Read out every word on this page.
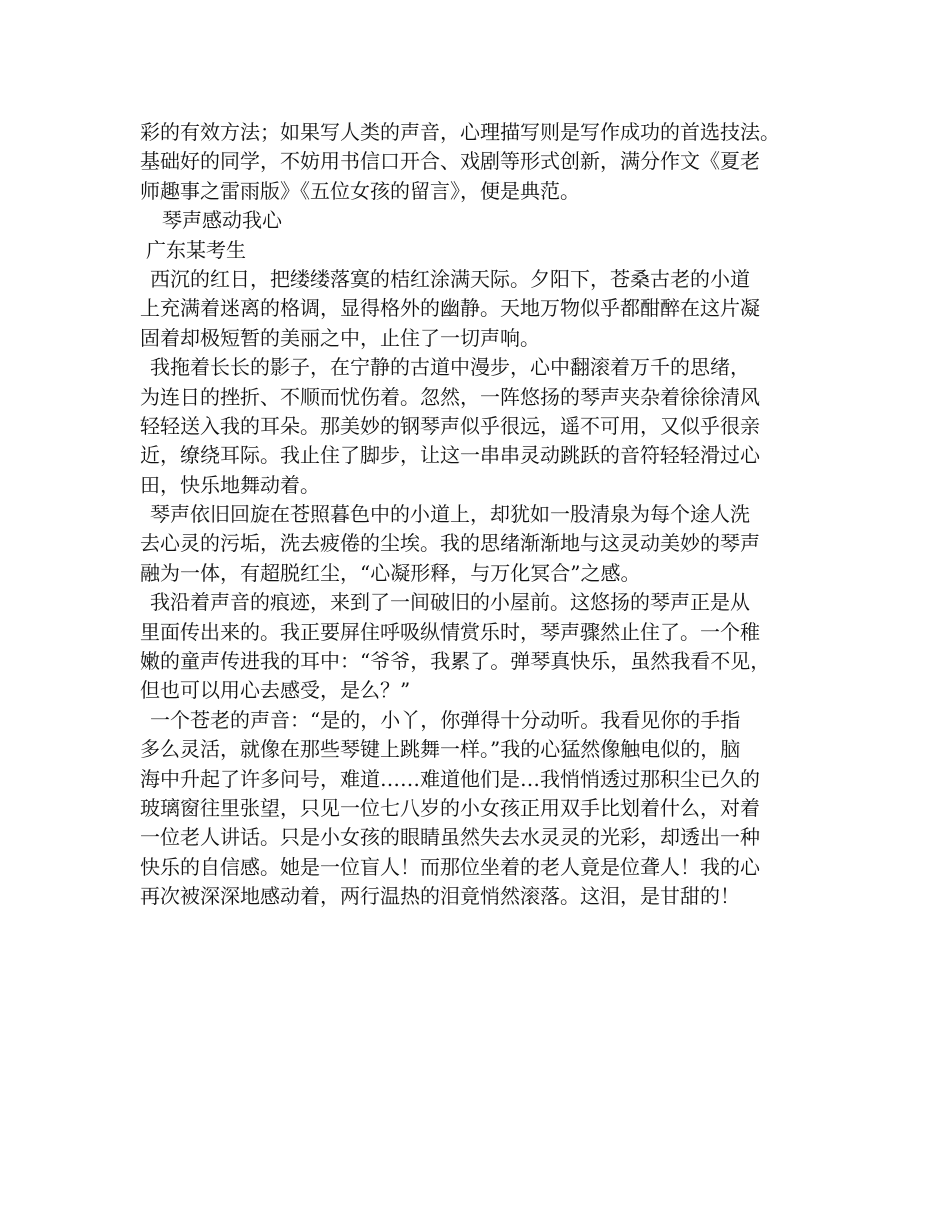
彩的有效方法；如果写人类的声音，心理描写则是写作成功的首选技法。
基础好的同学，不妨用书信口开合、戏剧等形式创新，满分作文《夏老
师趣事之雷雨版》《五位女孩的留言》，便是典范。
琴声感动我心
广东某考生
西沉的红日，把缕缕落寞的桔红涂满天际。夕阳下，苍桑古老的小道
上充满着迷离的格调，显得格外的幽静。天地万物似乎都酣醉在这片凝
固着却极短暂的美丽之中，止住了一切声响。
我拖着长长的影子，在宁静的古道中漫步，心中翻滚着万千的思绪，
为连日的挫折、不顺而忧伤着。忽然，一阵悠扬的琴声夹杂着徐徐清风
轻轻送入我的耳朵。那美妙的钢琴声似乎很远，遥不可用，又似乎很亲
近，缭绕耳际。我止住了脚步，让这一串串灵动跳跃的音符轻轻滑过心
田，快乐地舞动着。
琴声依旧回旋在苍照暮色中的小道上，却犹如一股清泉为每个途人洗
去心灵的污垢，洗去疲倦的尘埃。我的思绪渐渐地与这灵动美妙的琴声
融为一体，有超脱红尘，“心凝形释，与万化冥合”之感。
我沿着声音的痕迹，来到了一间破旧的小屋前。这悠扬的琴声正是从
里面传出来的。我正要屏住呼吸纵情赏乐时，琴声骤然止住了。一个稚
嫩的童声传进我的耳中：“爷爷，我累了。弹琴真快乐，虽然我看不见，
但也可以用心去感受，是么？”
一个苍老的声音：“是的，小丫，你弹得十分动听。我看见你的手指
多么灵活，就像在那些琴键上跳舞一样。”我的心猛然像触电似的，脑
海中升起了许多问号，难道……难道他们是…我悄悄透过那积尘已久的
玻璃窗往里张望，只见一位七八岁的小女孩正用双手比划着什么，对着
一位老人讲话。只是小女孩的眼睛虽然失去水灵灵的光彩，却透出一种
快乐的自信感。她是一位盲人！而那位坐着的老人竟是位聋人！我的心
再次被深深地感动着，两行温热的泪竟悄然滚落。这泪，是甘甜的！
